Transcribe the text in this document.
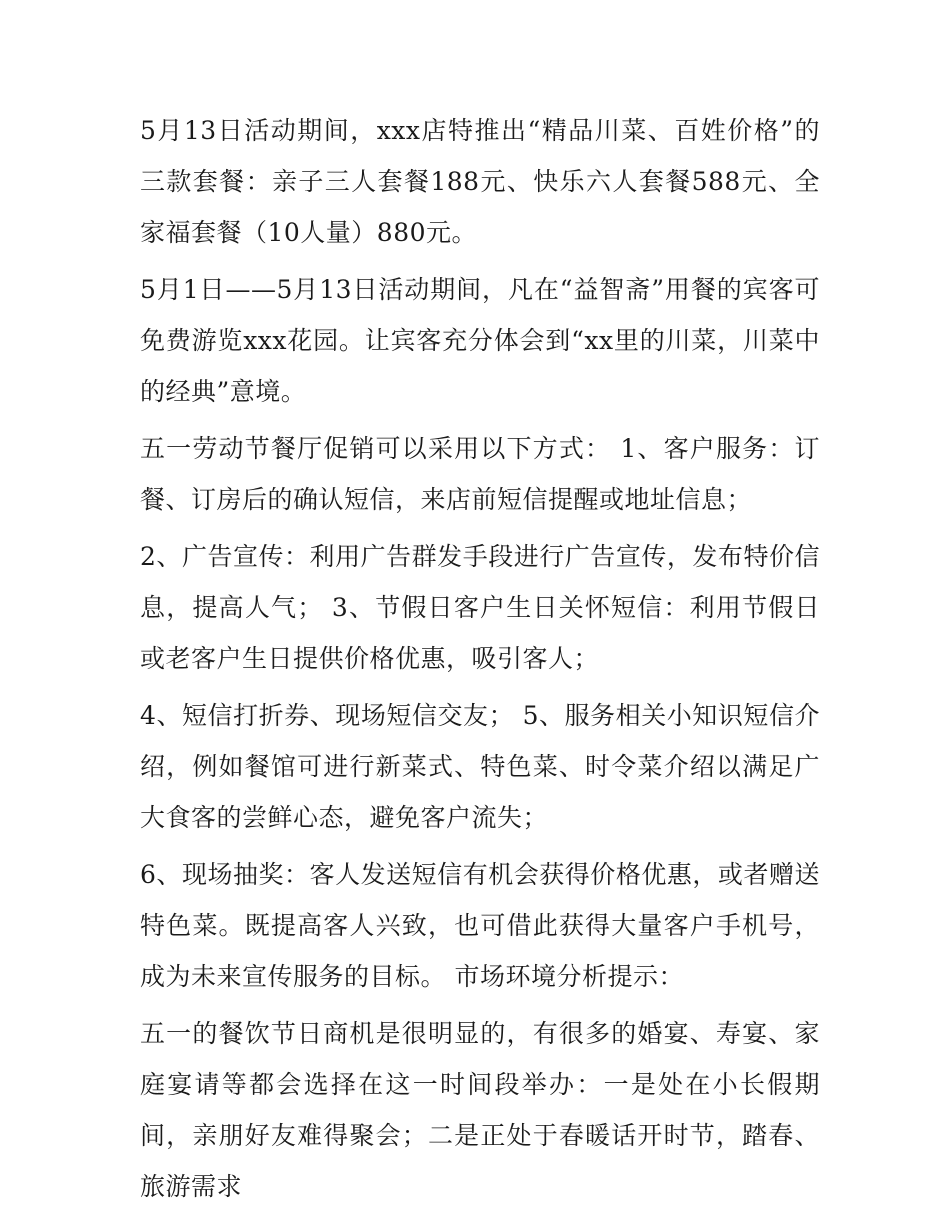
5月13日活动期间，xxx店特推出“精品川菜、百姓价格”的三款套餐：亲子三人套餐188元、快乐六人套餐588元、全家福套餐（10人量）880元。

5月1日——5月13日活动期间，凡在“益智斋”用餐的宾客可免费游览xxx花园。让宾客充分体会到“xx里的川菜，川菜中的经典”意境。

五一劳动节餐厅促销可以采用以下方式： 1、客户服务：订餐、订房后的确认短信，来店前短信提醒或地址信息；

2、广告宣传：利用广告群发手段进行广告宣传，发布特价信息，提高人气； 3、节假日客户生日关怀短信：利用节假日或老客户生日提供价格优惠，吸引客人；

4、短信打折券、现场短信交友； 5、服务相关小知识短信介绍，例如餐馆可进行新菜式、特色菜、时令菜介绍以满足广大食客的尝鲜心态，避免客户流失；

6、现场抽奖：客人发送短信有机会获得价格优惠，或者赠送特色菜。既提高客人兴致，也可借此获得大量客户手机号，成为未来宣传服务的目标。 市场环境分析提示：

五一的餐饮节日商机是很明显的，有很多的婚宴、寿宴、家庭宴请等都会选择在这一时间段举办：一是处在小长假期间，亲朋好友难得聚会；二是正处于春暖话开时节，踏春、旅游需求
